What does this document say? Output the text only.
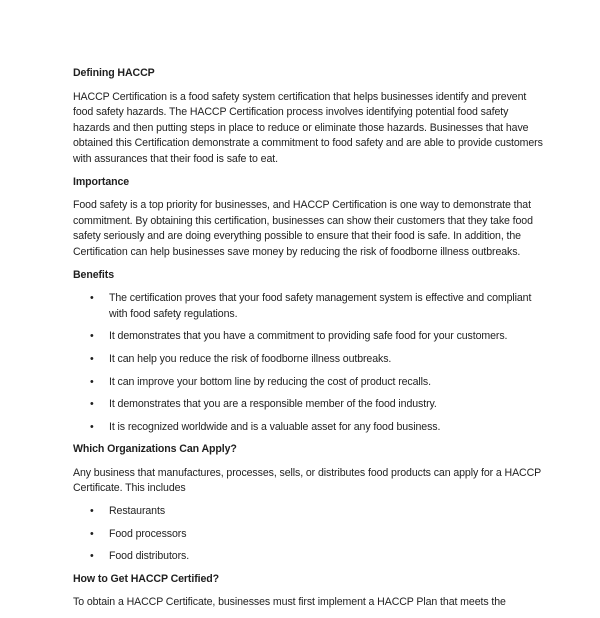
Defining HACCP
HACCP Certification is a food safety system certification that helps businesses identify and prevent food safety hazards. The HACCP Certification process involves identifying potential food safety hazards and then putting steps in place to reduce or eliminate those hazards. Businesses that have obtained this Certification demonstrate a commitment to food safety and are able to provide customers with assurances that their food is safe to eat.
Importance
Food safety is a top priority for businesses, and HACCP Certification is one way to demonstrate that commitment. By obtaining this certification, businesses can show their customers that they take food safety seriously and are doing everything possible to ensure that their food is safe. In addition, the Certification can help businesses save money by reducing the risk of foodborne illness outbreaks.
Benefits
• The certification proves that your food safety management system is effective and compliant with food safety regulations.
• It demonstrates that you have a commitment to providing safe food for your customers.
• It can help you reduce the risk of foodborne illness outbreaks.
• It can improve your bottom line by reducing the cost of product recalls.
• It demonstrates that you are a responsible member of the food industry.
• It is recognized worldwide and is a valuable asset for any food business.
Which Organizations Can Apply?
Any business that manufactures, processes, sells, or distributes food products can apply for a HACCP Certificate. This includes
• Restaurants
• Food processors
• Food distributors.
How to Get HACCP Certified?
To obtain a HACCP Certificate, businesses must first implement a HACCP Plan that meets the
